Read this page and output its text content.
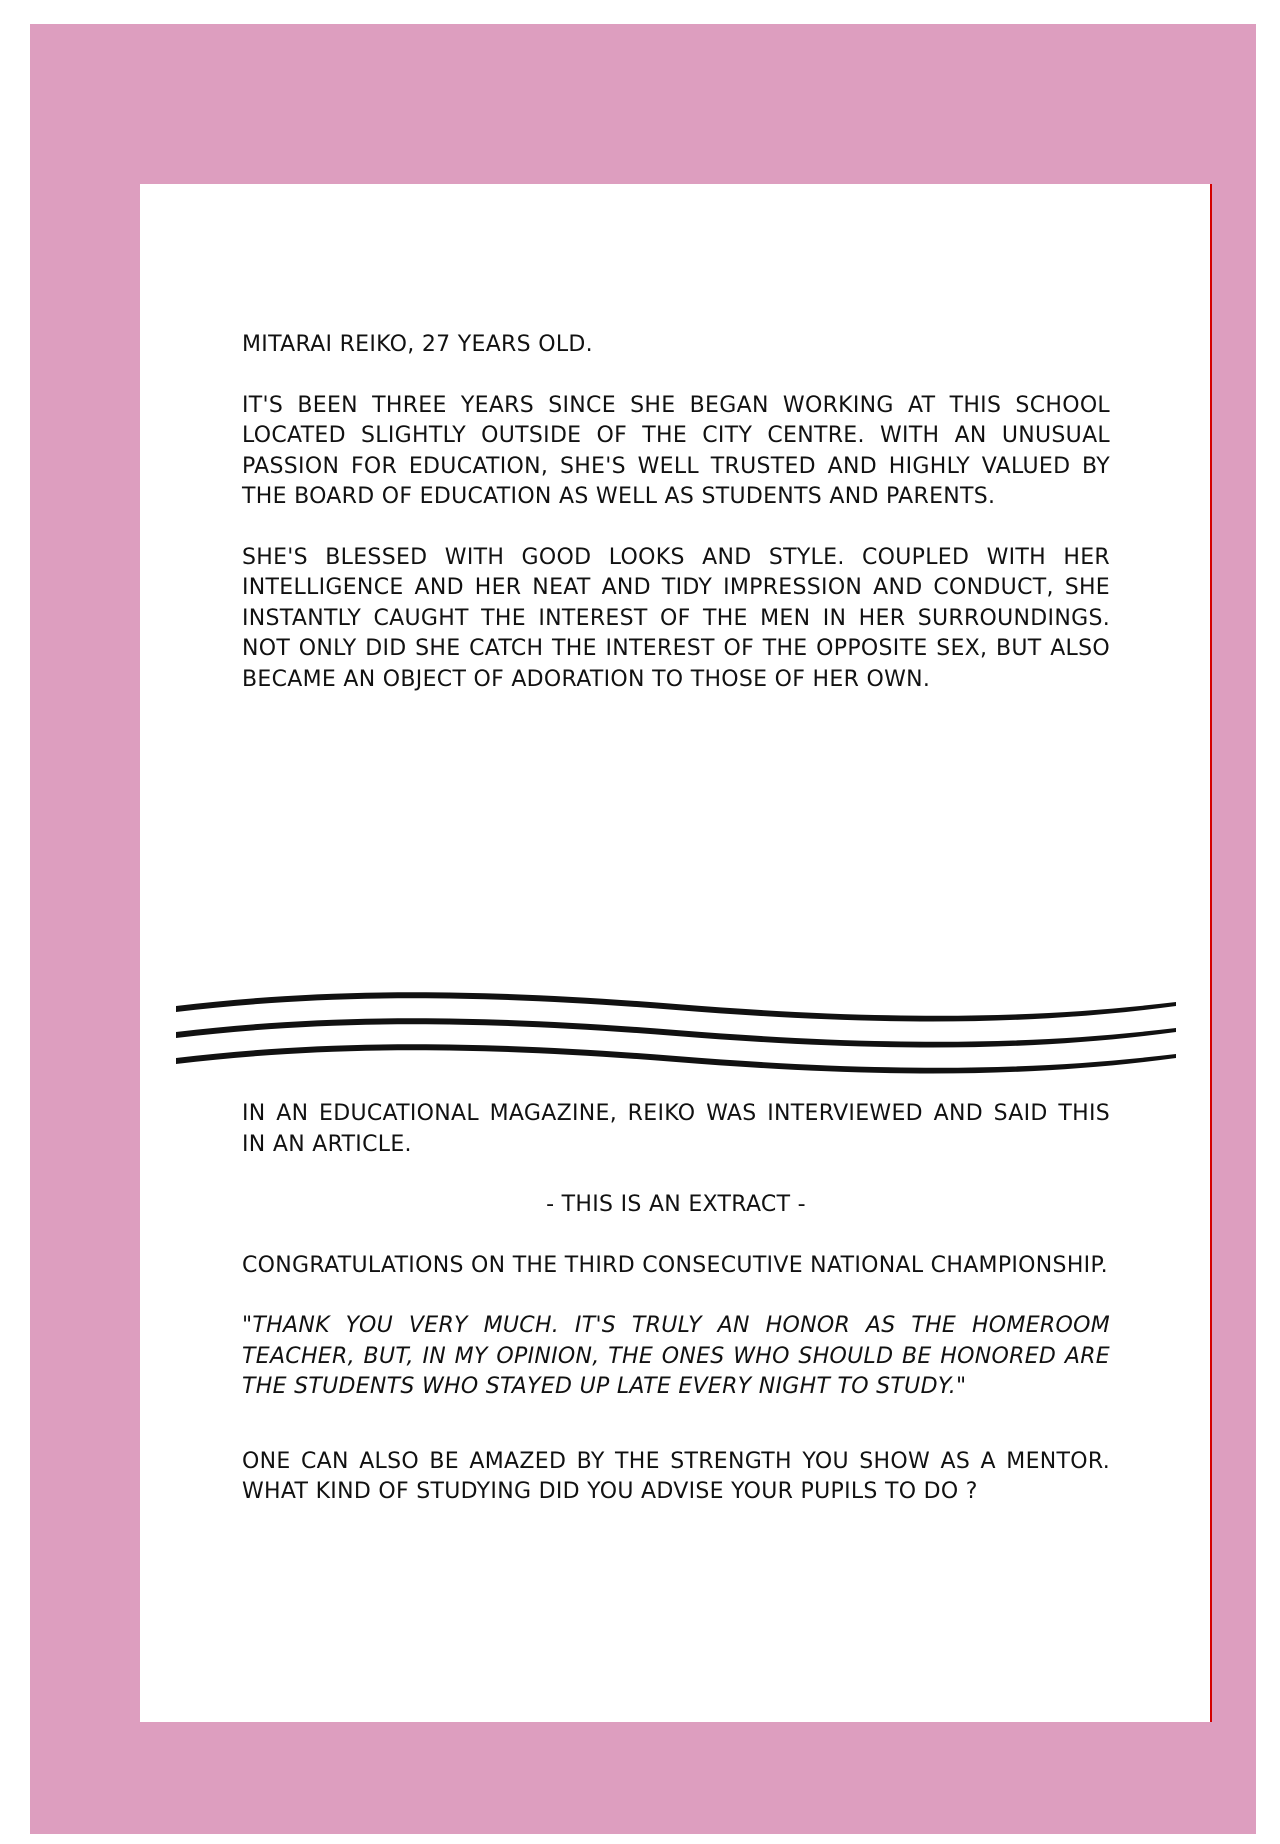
MITARAI REIKO, 27 YEARS OLD.

IT'S BEEN THREE YEARS SINCE SHE BEGAN WORKING AT THIS SCHOOL LOCATED SLIGHTLY OUTSIDE OF THE CITY CENTRE. WITH AN UNUSUAL PASSION FOR EDUCATION, SHE'S WELL TRUSTED AND HIGHLY VALUED BY THE BOARD OF EDUCATION AS WELL AS STUDENTS AND PARENTS.

SHE'S BLESSED WITH GOOD LOOKS AND STYLE. COUPLED WITH HER INTELLIGENCE AND HER NEAT AND TIDY IMPRESSION AND CONDUCT, SHE INSTANTLY CAUGHT THE INTEREST OF THE MEN IN HER SURROUNDINGS. NOT ONLY DID SHE CATCH THE INTEREST OF THE OPPOSITE SEX, BUT ALSO BECAME AN OBJECT OF ADORATION TO THOSE OF HER OWN.

IN AN EDUCATIONAL MAGAZINE, REIKO WAS INTERVIEWED AND SAID THIS IN AN ARTICLE.

- THIS IS AN EXTRACT -

CONGRATULATIONS ON THE THIRD CONSECUTIVE NATIONAL CHAMPIONSHIP.

"THANK YOU VERY MUCH. IT'S TRULY AN HONOR AS THE HOMEROOM TEACHER, BUT, IN MY OPINION, THE ONES WHO SHOULD BE HONORED ARE THE STUDENTS WHO STAYED UP LATE EVERY NIGHT TO STUDY."

ONE CAN ALSO BE AMAZED BY THE STRENGTH YOU SHOW AS A MENTOR. WHAT KIND OF STUDYING DID YOU ADVISE YOUR PUPILS TO DO ?
